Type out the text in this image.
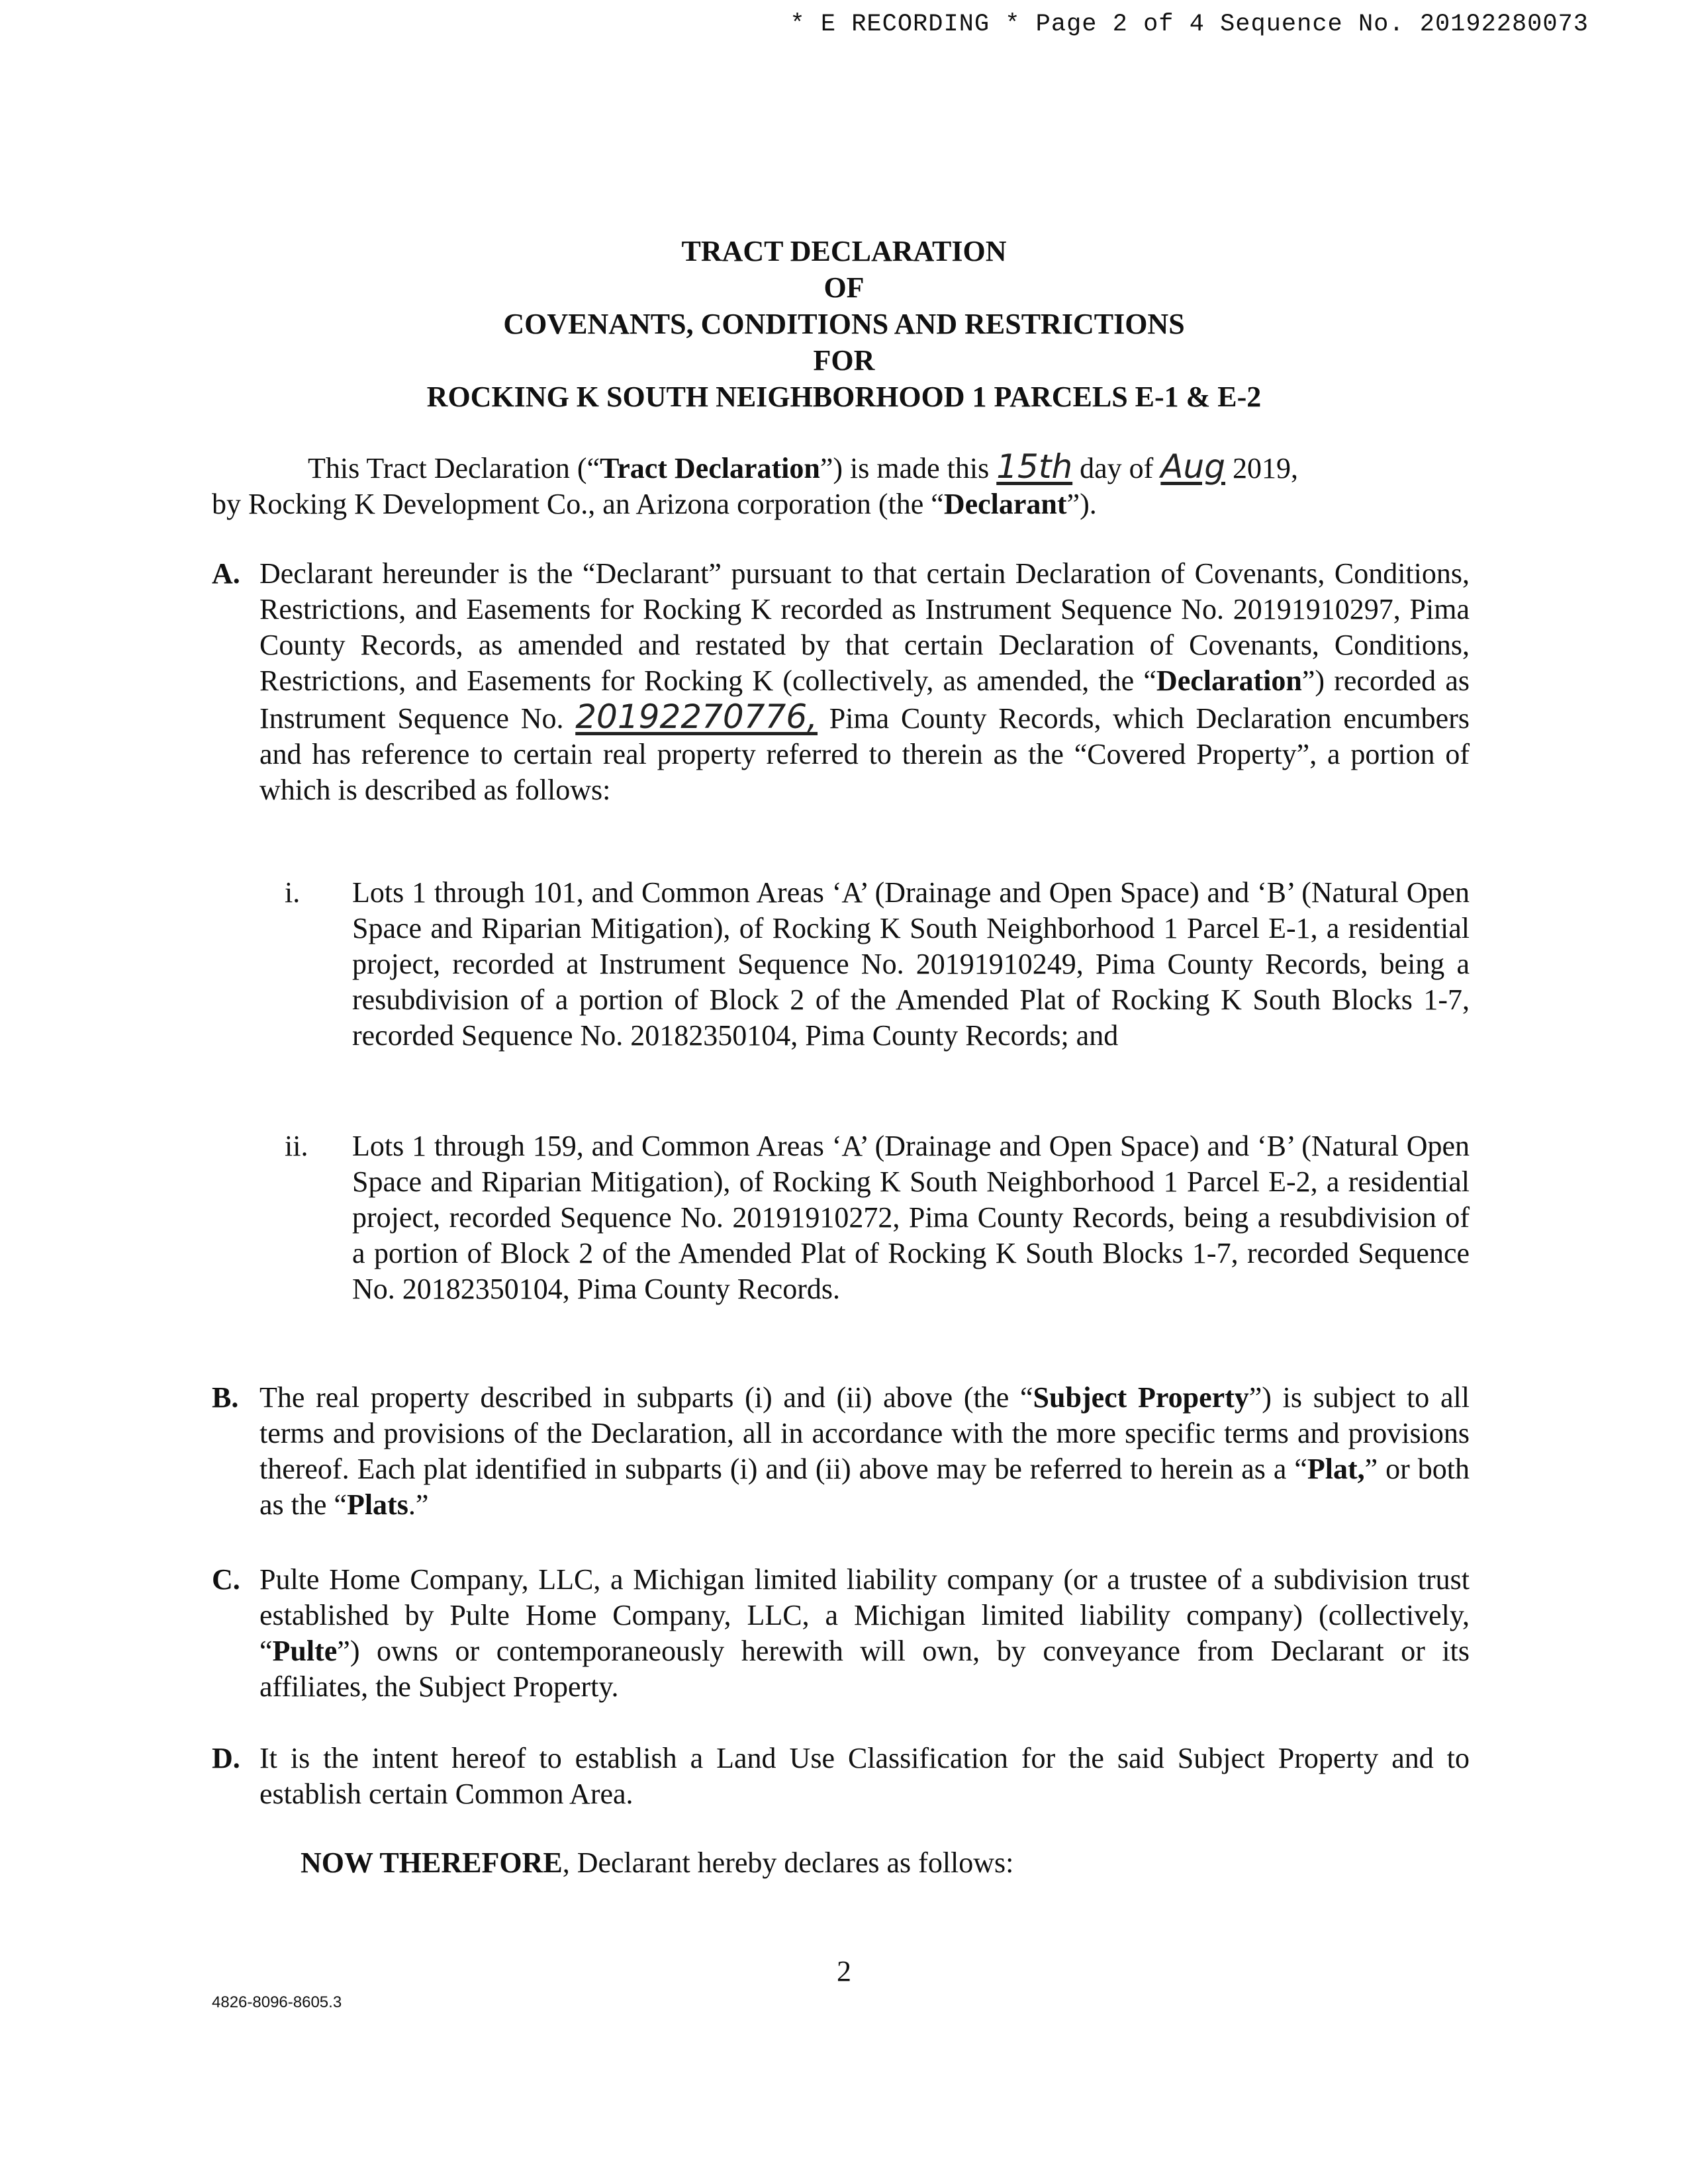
* E RECORDING * Page 2 of 4 Sequence No. 20192280073
TRACT DECLARATION
OF
COVENANTS, CONDITIONS AND RESTRICTIONS
FOR
ROCKING K SOUTH NEIGHBORHOOD 1 PARCELS E-1 & E-2

This Tract Declaration (“Tract Declaration”) is made this 15th day of Aug 2019,

by Rocking K Development Co., an Arizona corporation (the “Declarant”).

A. Declarant hereunder is the “Declarant” pursuant to that certain Declaration of Covenants, Conditions, Restrictions, and Easements for Rocking K recorded as Instrument Sequence No. 20191910297, Pima County Records, as amended and restated by that certain Declaration of Covenants, Conditions, Restrictions, and Easements for Rocking K (collectively, as amended, the “Declaration”) recorded as Instrument Sequence No. 20192270776, Pima County Records, which Declaration encumbers and has reference to certain real property referred to therein as the “Covered Property”, a portion of which is described as follows:
i. Lots 1 through 101, and Common Areas ‘A’ (Drainage and Open Space) and ‘B’ (Natural Open Space and Riparian Mitigation), of Rocking K South Neighborhood 1 Parcel E-1, a residential project, recorded at Instrument Sequence No. 20191910249, Pima County Records, being a resubdivision of a portion of Block 2 of the Amended Plat of Rocking K South Blocks 1-7, recorded Sequence No. 20182350104, Pima County Records; and
ii. Lots 1 through 159, and Common Areas ‘A’ (Drainage and Open Space) and ‘B’ (Natural Open Space and Riparian Mitigation), of Rocking K South Neighborhood 1 Parcel E-2, a residential project, recorded Sequence No. 20191910272, Pima County Records, being a resubdivision of a portion of Block 2 of the Amended Plat of Rocking K South Blocks 1-7, recorded Sequence No. 20182350104, Pima County Records.
B. The real property described in subparts (i) and (ii) above (the “Subject Property”) is subject to all terms and provisions of the Declaration, all in accordance with the more specific terms and provisions thereof. Each plat identified in subparts (i) and (ii) above may be referred to herein as a “Plat,” or both as the “Plats.”
C. Pulte Home Company, LLC, a Michigan limited liability company (or a trustee of a subdivision trust established by Pulte Home Company, LLC, a Michigan limited liability company) (collectively, “Pulte”) owns or contemporaneously herewith will own, by conveyance from Declarant or its affiliates, the Subject Property.
D. It is the intent hereof to establish a Land Use Classification for the said Subject Property and to establish certain Common Area.
NOW THEREFORE, Declarant hereby declares as follows:
2
4826-8096-8605.3
